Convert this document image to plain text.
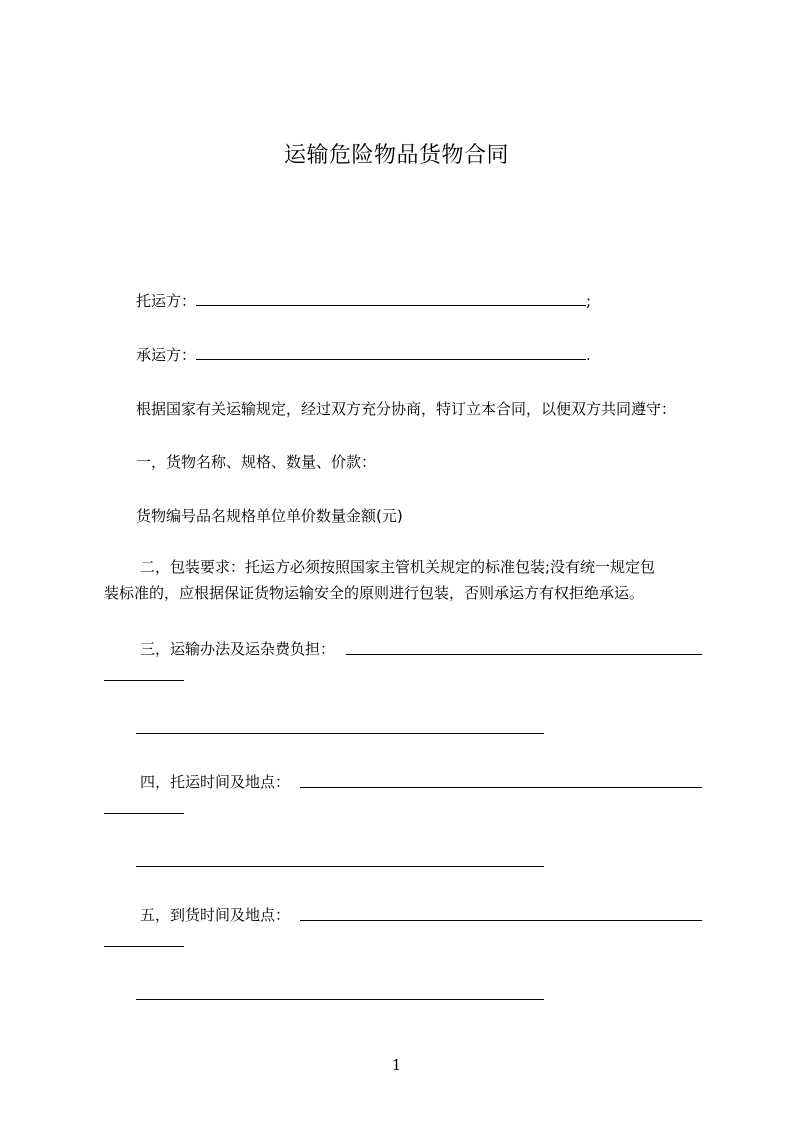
运输危险物品货物合同
托运方：	;
承运方：	.
根据国家有关运输规定，经过双方充分协商，特订立本合同，以便双方共同遵守：
一，货物名称、规格、数量、价款：
货物编号品名规格单位单价数量金额(元)
二，包装要求：托运方必须按照国家主管机关规定的标准包装;没有统一规定包
装标准的，应根据保证货物运输安全的原则进行包装，否则承运方有权拒绝承运。
三，运输办法及运杂费负担：
四，托运时间及地点：
五，到货时间及地点：
1
